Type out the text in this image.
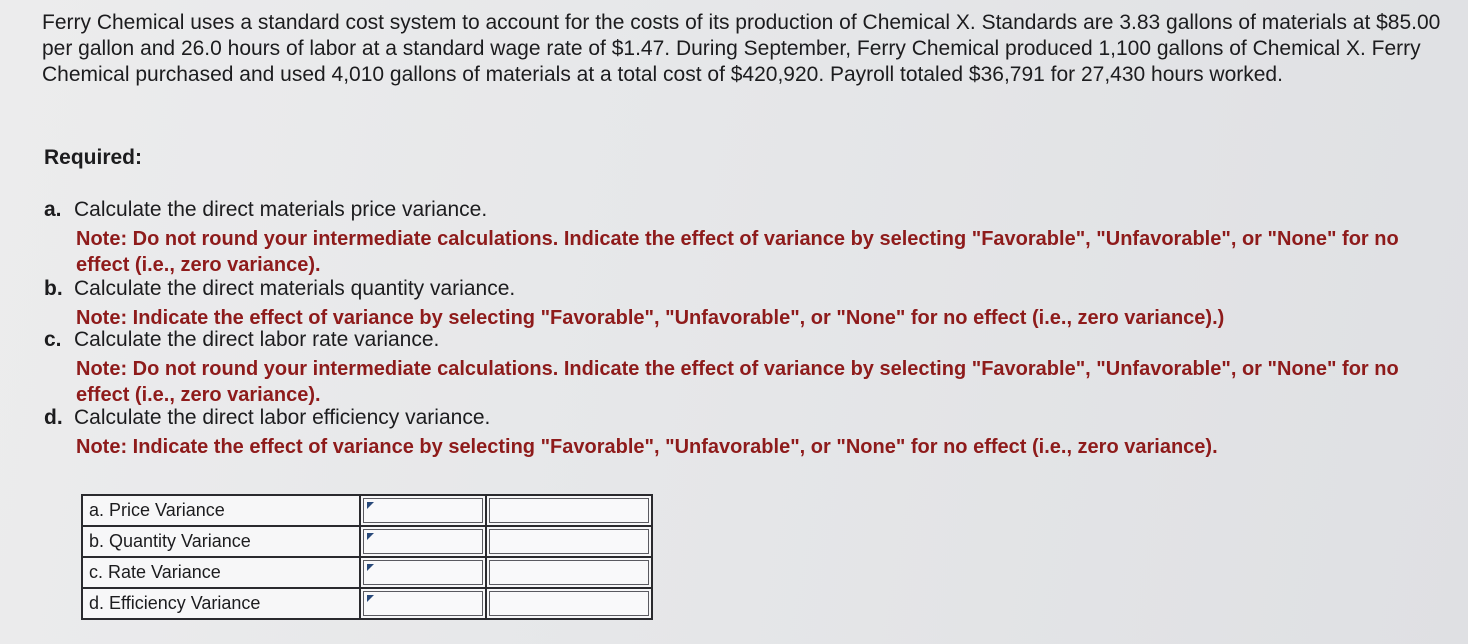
Ferry Chemical uses a standard cost system to account for the costs of its production of Chemical X. Standards are 3.83 gallons of materials at $85.00 per gallon and 26.0 hours of labor at a standard wage rate of $1.47. During September, Ferry Chemical produced 1,100 gallons of Chemical X. Ferry Chemical purchased and used 4,010 gallons of materials at a total cost of $420,920. Payroll totaled $36,791 for 27,430 hours worked.

Required:

a. Calculate the direct materials price variance.
Note: Do not round your intermediate calculations. Indicate the effect of variance by selecting "Favorable", "Unfavorable", or "None" for no effect (i.e., zero variance).
b. Calculate the direct materials quantity variance.
Note: Indicate the effect of variance by selecting "Favorable", "Unfavorable", or "None" for no effect (i.e., zero variance).)
c. Calculate the direct labor rate variance.
Note: Do not round your intermediate calculations. Indicate the effect of variance by selecting "Favorable", "Unfavorable", or "None" for no effect (i.e., zero variance).
d. Calculate the direct labor efficiency variance.
Note: Indicate the effect of variance by selecting "Favorable", "Unfavorable", or "None" for no effect (i.e., zero variance).
a. Price Variance	

b. Quantity Variance	

c. Rate Variance	

d. Efficiency Variance	
